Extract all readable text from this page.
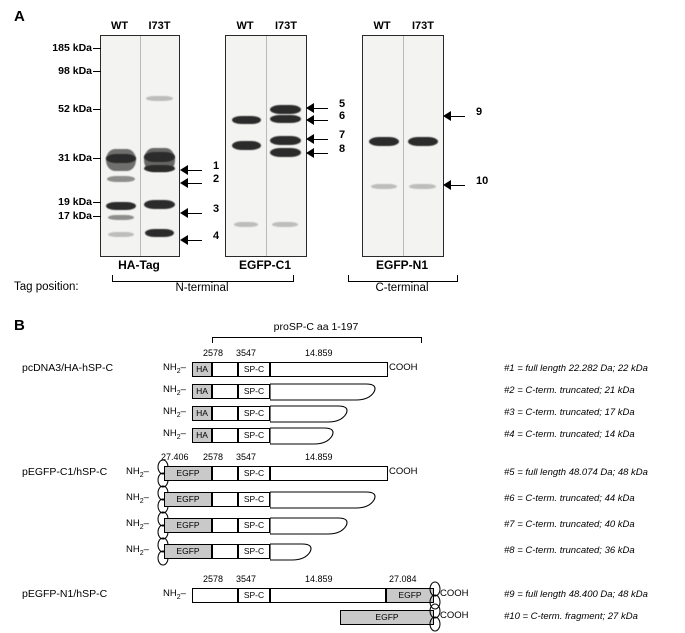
A
WT	I73T
HA-Tag
185 kDa
98 kDa
52 kDa
31 kDa
19 kDa
17 kDa
1
2
3
4
WT	I73T
EGFP-C1
5
6
7
8
WT	I73T
EGFP-N1
9
10
Tag position:	N-terminal	C-terminal
B	proSP-C aa 1-197
pcDNA3/HA-hSP-C
2578 3547	14.859
$NH_2-$	HA	SP-C	COOH	#1 = full length 22.282 Da; 22 kDa
$NH_2-$	HA	SP-C	#2 = C-term. truncated; 21 kDa
$NH_2-$	HA	SP-C	#3 = C-term. truncated; 17 kDa
$NH_2-$	HA	SP-C	#4 = C-term. truncated; 14 kDa
pEGFP-C1/hSP-C
27.406 2578 3547	14.859
$NH_2-$	EGFP	SP-C	COOH	#5 = full length 48.074 Da; 48 kDa
$NH_2-$	EGFP	SP-C	#6 = C-term. truncated; 44 kDa
$NH_2-$	EGFP	SP-C	#7 = C-term. truncated; 40 kDa
$NH_2-$	EGFP	SP-C	#8 = C-term. truncated; 36 kDa
pEGFP-N1/hSP-C
2578 3547	14.859	27.084
$NH_2-$	SP-C	EGFP	COOH	#9 = full length 48.400 Da; 48 kDa
EGFP	COOH	#10 = C-term. fragment; 27 kDa
